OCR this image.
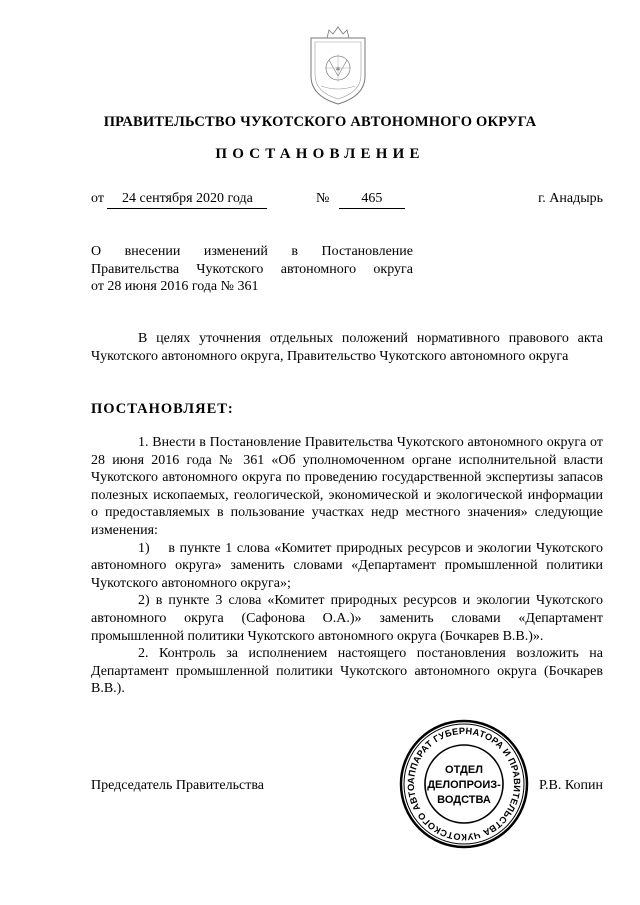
✱
ПРАВИТЕЛЬСТВО ЧУКОТСКОГО АВТОНОМНОГО ОКРУГА
ПОСТАНОВЛЕНИЕ
от 24 сентября 2020 года	№ 465	г. Анадырь
О внесении изменений в Постановление
Правительства Чукотского автономного округа
от 28 июня 2016 года № 361
В целях уточнения отдельных положений нормативного правового акта Чукотского автономного округа, Правительство Чукотского автономного округа
ПОСТАНОВЛЯЕТ:
1. Внести в Постановление Правительства Чукотского автономного округа от 28 июня 2016 года № 361 «Об уполномоченном органе исполнительной власти Чукотского автономного округа по проведению государственной экспертизы запасов полезных ископаемых, геологической, экономической и экологической информации о предоставляемых в пользование участках недр местного значения» следующие изменения:
1)    в пункте 1 слова «Комитет природных ресурсов и экологии Чукотского автономного округа» заменить словами «Департамент промышленной политики Чукотского автономного округа»;
2) в пункте 3 слова «Комитет природных ресурсов и экологии Чукотского автономного округа (Сафонова О.А.)» заменить словами «Департамент промышленной политики Чукотского автономного округа (Бочкарев В.В.)».
2. Контроль за исполнением настоящего постановления возложить на Департамент промышленной политики Чукотского автономного округа (Бочкарев В.В.).
Председатель Правительства	Р.В. Копин
АППАРАТ ГУБЕРНАТОРА И ПРАВИТЕЛЬСТВА ЧУКОТСКОГО АВТО
ОТДЕЛ
ДЕЛОПРОИЗ-
ВОДСТВА
